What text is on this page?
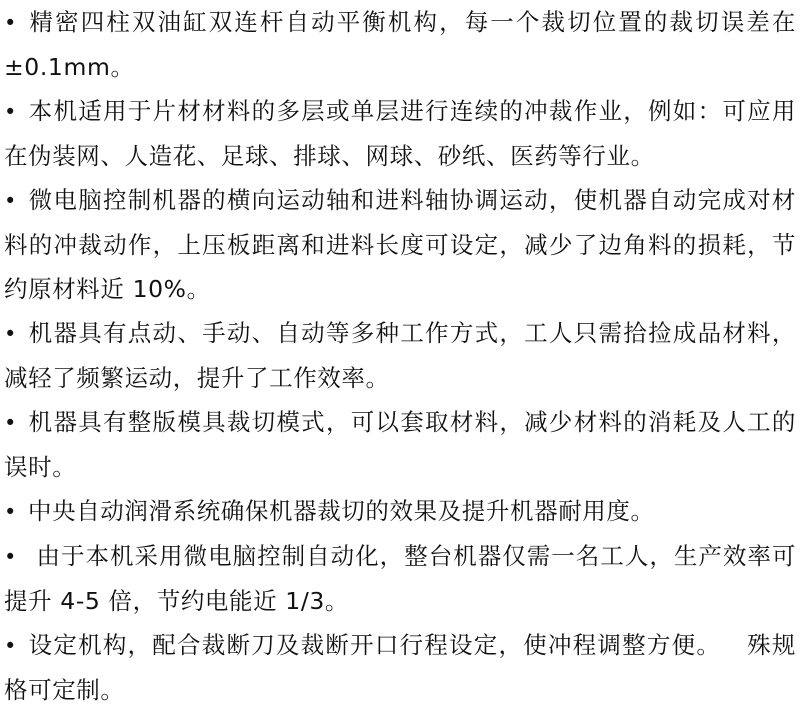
• 精密四柱双油缸双连杆自动平衡机构，每一个裁切位置的裁切误差在±0.1mm。
• 本机适用于片材材料的多层或单层进行连续的冲裁作业，例如：可应用在伪装网、人造花、足球、排球、网球、砂纸、医药等行业。
• 微电脑控制机器的横向运动轴和进料轴协调运动，使机器自动完成对材料的冲裁动作，上压板距离和进料长度可设定，减少了边角料的损耗，节约原材料近 10%。
• 机器具有点动、手动、自动等多种工作方式，工人只需拾捡成品材料，减轻了频繁运动，提升了工作效率。
• 机器具有整版模具裁切模式，可以套取材料，减少材料的消耗及人工的误时。
• 中央自动润滑系统确保机器裁切的效果及提升机器耐用度。
• 由于本机采用微电脑控制自动化，整台机器仅需一名工人，生产效率可提升 4-5 倍，节约电能近 1/3。
• 设定机构，配合裁断刀及裁断开口行程设定，使冲程调整方便。   殊规格可定制。
